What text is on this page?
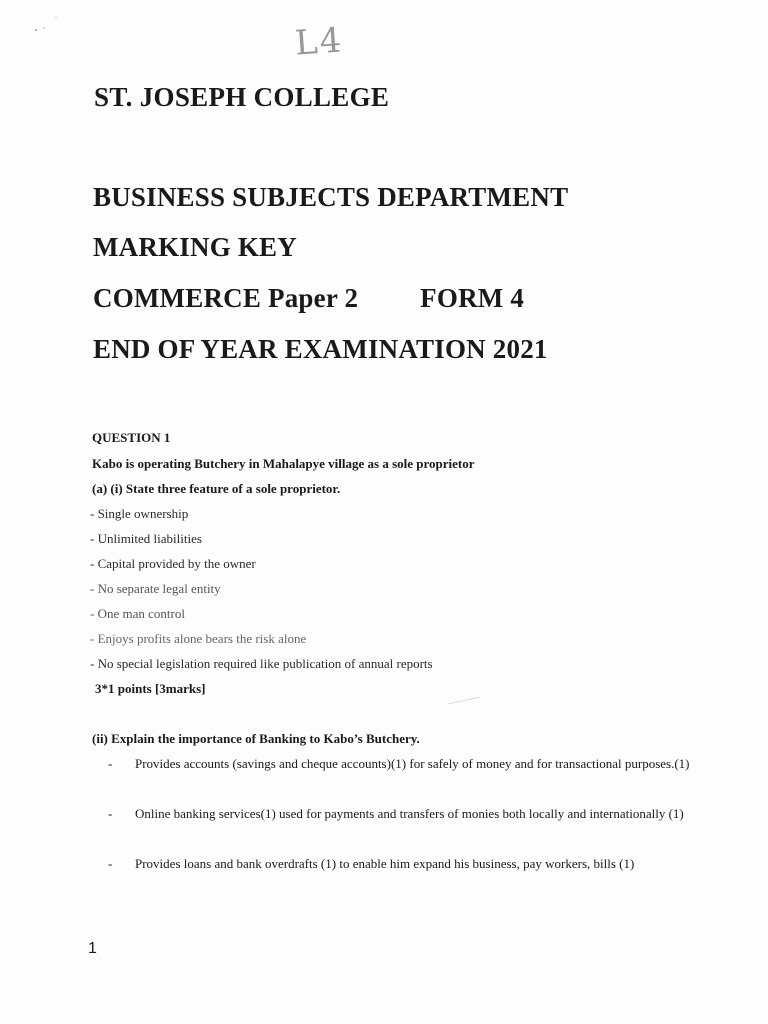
L4
ST. JOSEPH COLLEGE
BUSINESS SUBJECTS DEPARTMENT
MARKING KEY
COMMERCE Paper 2 FORM 4
END OF YEAR EXAMINATION 2021
QUESTION 1
Kabo is operating Butchery in Mahalapye village as a sole proprietor
(a) (i) State three feature of a sole proprietor.
- Single ownership
- Unlimited liabilities
- Capital provided by the owner
- No separate legal entity
- One man control
- Enjoys profits alone bears the risk alone
- No special legislation required like publication of annual reports
3*1 points [3marks]
(ii) Explain the importance of Banking to Kabo’s Butchery.
- Provides accounts (savings and cheque accounts)(1) for safely of money and for transactional purposes.(1)
- Online banking services(1) used for payments and transfers of monies both locally and internationally (1)
- Provides loans and bank overdrafts (1) to enable him expand his business, pay workers, bills (1)
1
